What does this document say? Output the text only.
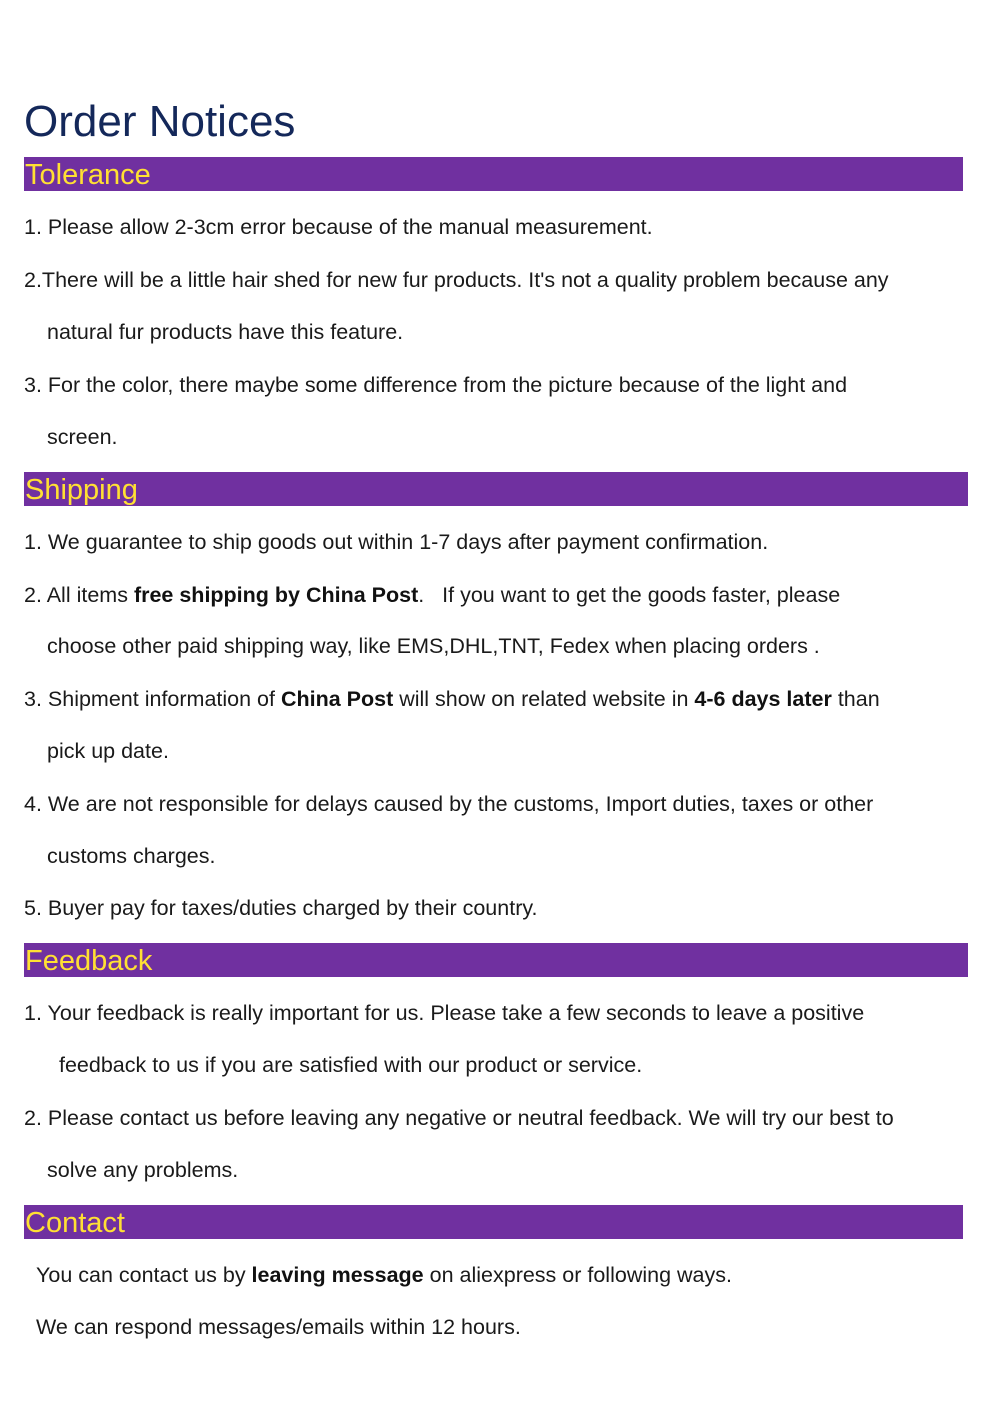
Order Notices
Tolerance
1. Please allow 2-3cm error because of the manual measurement.
2.There will be a little hair shed for new fur products. It's not a quality problem because any
natural fur products have this feature.
3. For the color, there maybe some difference from the picture because of the light and
screen.
Shipping
1. We guarantee to ship goods out within 1-7 days after payment confirmation.
2. All items free shipping by China Post.   If you want to get the goods faster, please
choose other paid shipping way, like EMS,DHL,TNT, Fedex when placing orders .
3. Shipment information of China Post will show on related website in 4-6 days later than
pick up date.
4. We are not responsible for delays caused by the customs, Import duties, taxes or other
customs charges.
5. Buyer pay for taxes/duties charged by their country.
Feedback
1. Your feedback is really important for us. Please take a few seconds to leave a positive
feedback to us if you are satisfied with our product or service.
2. Please contact us before leaving any negative or neutral feedback. We will try our best to
solve any problems.
Contact
You can contact us by leaving message on aliexpress or following ways.
We can respond messages/emails within 12 hours.
